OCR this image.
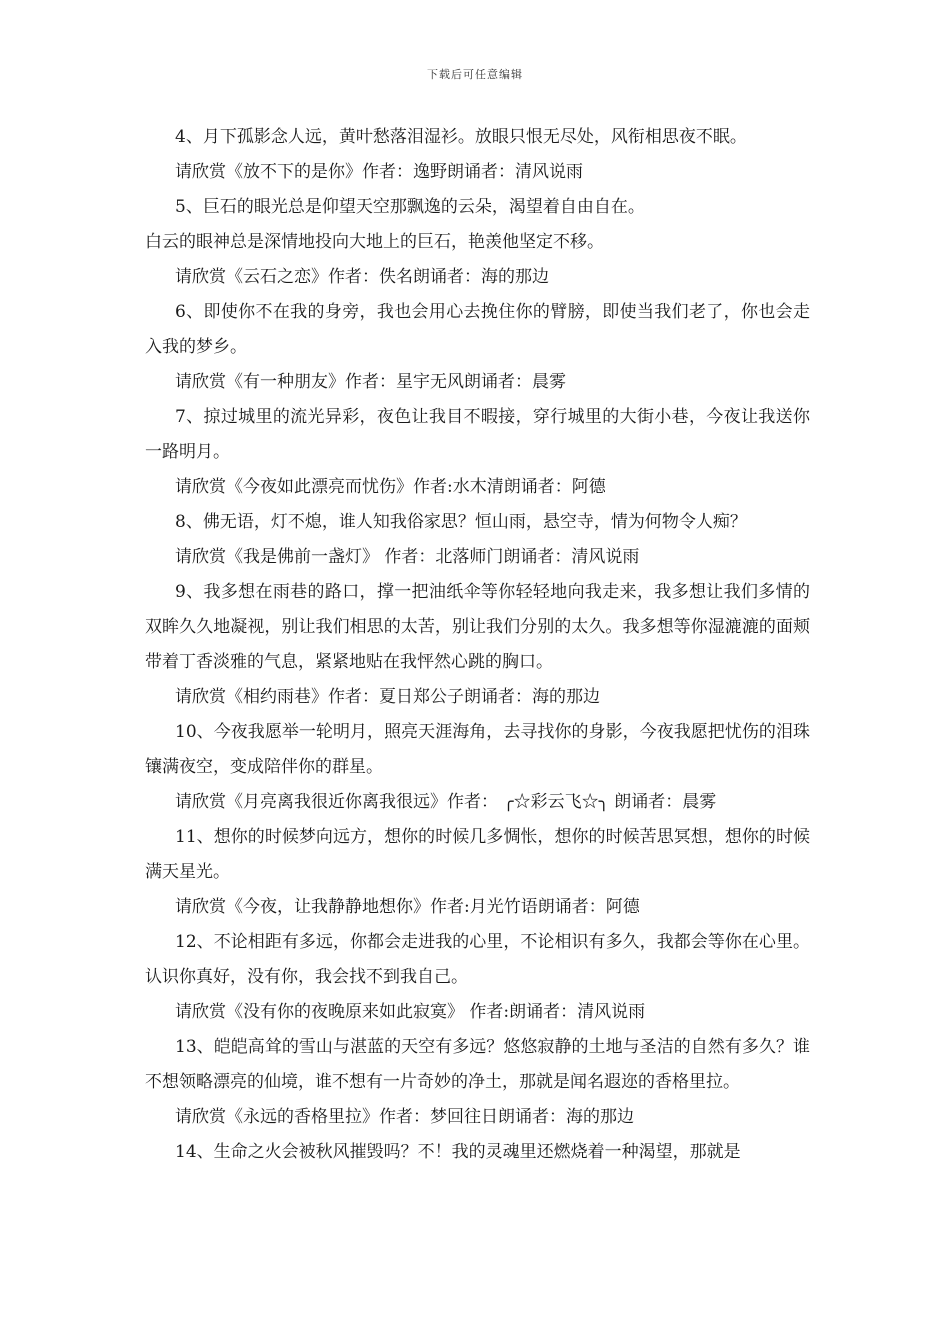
下载后可任意编辑

4、月下孤影念人远，黄叶愁落泪湿衫。放眼只恨无尽处，风衔相思夜不眠。

请欣赏《放不下的是你》作者：逸野朗诵者：清风说雨

5、巨石的眼光总是仰望天空那飘逸的云朵，渴望着自由自在。

白云的眼神总是深情地投向大地上的巨石，艳羡他坚定不移。

请欣赏《云石之恋》作者：佚名朗诵者：海的那边

6、即使你不在我的身旁，我也会用心去挽住你的臂膀，即使当我们老了，你也会走入我的梦乡。

请欣赏《有一种朋友》作者：星宇无风朗诵者：晨雾

7、掠过城里的流光异彩，夜色让我目不暇接，穿行城里的大街小巷，今夜让我送你一路明月。

请欣赏《今夜如此漂亮而忧伤》作者:水木清朗诵者：阿德

8、佛无语，灯不熄，谁人知我俗家思？恒山雨，悬空寺，情为何物令人痴？

请欣赏《我是佛前一盏灯》 作者：北落师门朗诵者：清风说雨

9、我多想在雨巷的路口，撑一把油纸伞等你轻轻地向我走来，我多想让我们多情的双眸久久地凝视，别让我们相思的太苦，别让我们分别的太久。我多想等你湿漉漉的面颊带着丁香淡雅的气息，紧紧地贴在我怦然心跳的胸口。

请欣赏《相约雨巷》作者：夏日郑公子朗诵者：海的那边

10、今夜我愿举一轮明月，照亮天涯海角，去寻找你的身影，今夜我愿把忧伤的泪珠镶满夜空，变成陪伴你的群星。

请欣赏《月亮离我很近你离我很远》作者： ╭☆彩云飞☆╮ 朗诵者：晨雾

11、想你的时候梦向远方，想你的时候几多惆怅，想你的时候苦思冥想，想你的时候满天星光。

请欣赏《今夜，让我静静地想你》作者:月光竹语朗诵者：阿德

12、不论相距有多远，你都会走进我的心里，不论相识有多久，我都会等你在心里。认识你真好，没有你，我会找不到我自己。

请欣赏《没有你的夜晚原来如此寂寞》 作者:朗诵者：清风说雨

13、皑皑高耸的雪山与湛蓝的天空有多远？悠悠寂静的土地与圣洁的自然有多久？谁不想领略漂亮的仙境，谁不想有一片奇妙的净土，那就是闻名遐迩的香格里拉。

请欣赏《永远的香格里拉》作者：梦回往日朗诵者：海的那边

14、生命之火会被秋风摧毁吗？不！我的灵魂里还燃烧着一种渴望，那就是
